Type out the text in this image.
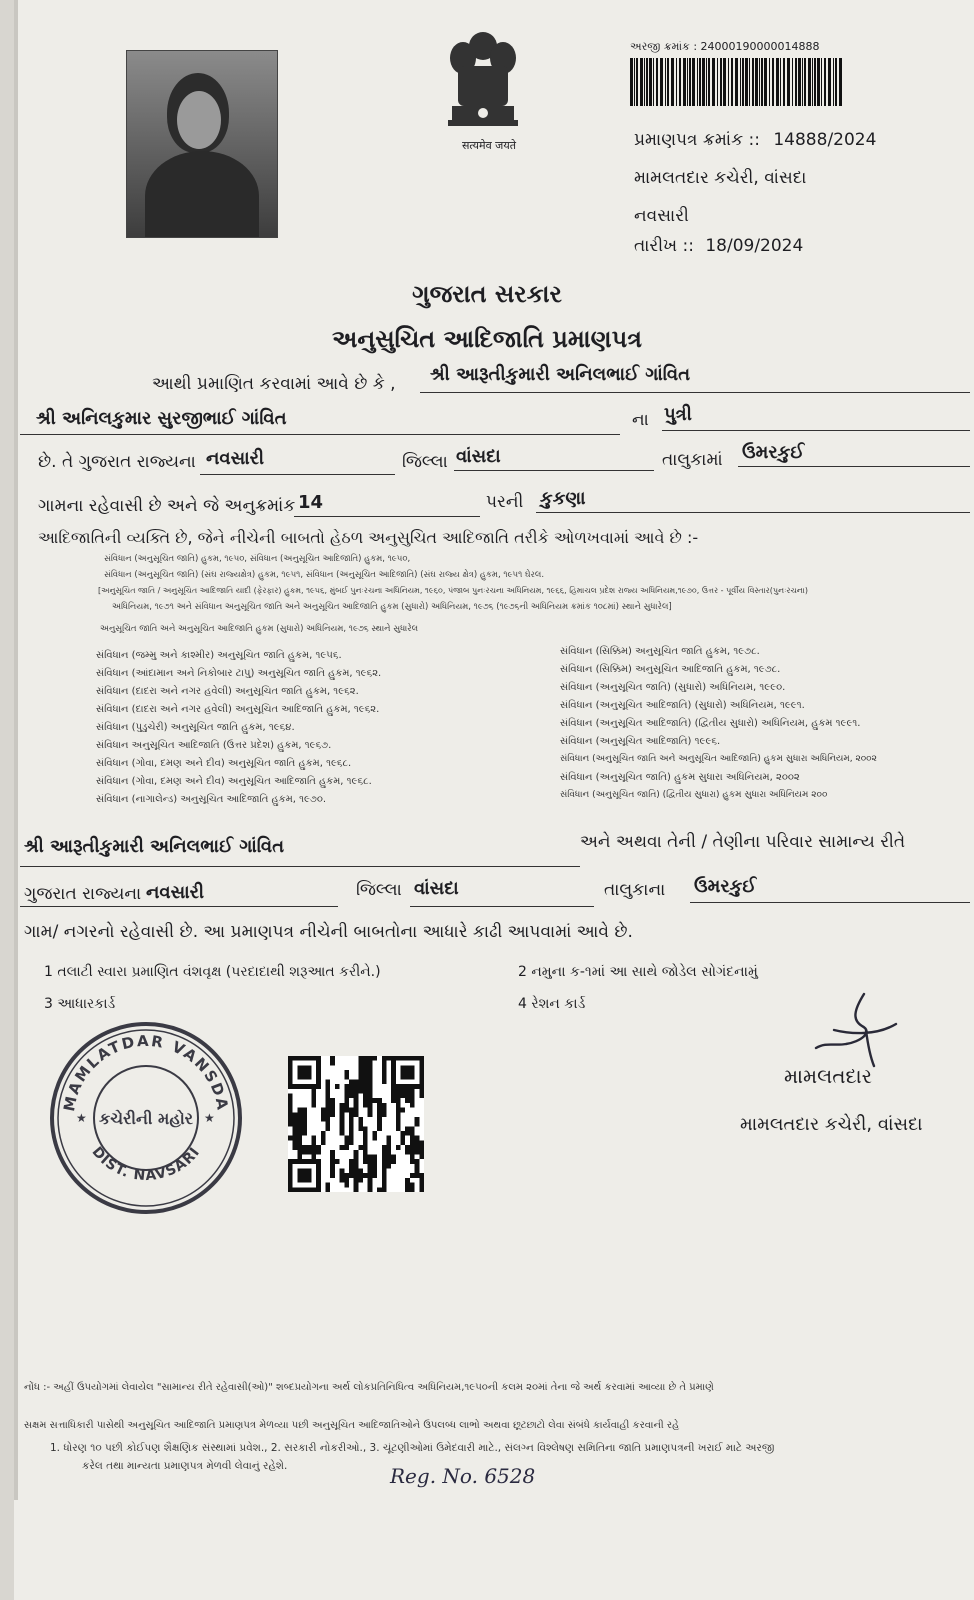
सत्यमेव जयते
અરજી ક્રમાંક : 24000190000014888
પ્રમાણપત્ર ક્રમાંક :: 14888/2024
મામલતદાર કચેરી, વાંસદા
નવસારી
તારીખ :: 18/09/2024
ગુજરાત સરકાર
અનુસુચિત આદિજાતિ પ્રમાણપત્ર
આથી પ્રમાણિત કરવામાં આવે છે કે , શ્રી આરૂતીકુમારી અનિલભાઈ ગાંવિત
શ્રી અનિલકુમાર સુરજીભાઈ ગાંવિત	ના પુત્રી
છે. તે ગુજરાત રાજ્યના નવસારી	જિલ્લા વાંસદા	તાલુકામાં ઉમરકુઈ
ગામના રહેવાસી છે અને જે અનુક્રમાંક 14	પરની કુકણા
આદિજાતિની વ્યક્તિ છે, જેને નીચેની બાબતો હેઠળ અનુસુચિત આદિજાતિ તરીકે ઓળખવામાં આવે છે :-
સંવિધાન (અનુસૂચિત જાતિ) હુકમ, ૧૯૫૦, સંવિધાન (અનુસૂચિત આદિજાતિ) હુકમ, ૧૯૫૦,
સંવિધાન (અનુસૂચિત જાતિ) (સંઘ રાજ્યક્ષેત્ર) હુકમ, ૧૯૫૧, સંવિધાન (અનુસૂચિત આદિજાતિ) (સંઘ રાજ્ય ક્ષેત્ર) હુકમ, ૧૯૫૧ ઘેરલ.
[અનુસૂચિત જાતિ / અનુસૂચિત આદિજાતિ યાદી (ફેરફાર) હુકમ, ૧૯૫૬, મુંબઈ પુનઃરચના અધિનિયમ, ૧૯૬૦, પંજાબ પુનઃરચના અધિનિયમ, ૧૯૬૬, હિમાચલ પ્રદેશ રાજ્ય અધિનિયમ,૧૯૭૦, ઉત્તર - પૂર્વીય વિસ્તાર(પુનઃરચના)
અધિનિયમ, ૧૯૭૧ અને સંવિધાન અનુસૂચિત જાતિ અને અનુસૂચિત આદિજાતિ હુકમ (સુધારો) અધિનિયમ, ૧૯૭૬ (૧૯૭૬ની અધિનિયમ ક્રમાંક ૧૦૮માં) સ્થાને સુધારેલ]
અનુસૂચિત જાતિ અને અનુસૂચિત આદિજાતિ હુકમ (સુધારો) અધિનિયમ, ૧૯૭૬ સ્થાને સુધારેલ
સંવિધાન (જમ્મુ અને કાશ્મીર) અનુસૂચિત જાતિ હુકમ, ૧૯૫૬.
સંવિધાન (આંદામાન અને નિકોબાર ટાપુ) અનુસૂચિત જાતિ હુકમ, ૧૯૬૨.
સંવિધાન (દાદરા અને નગર હવેલી) અનુસૂચિત જાતિ હુકમ, ૧૯૬૨.
સંવિધાન (દાદરા અને નગર હવેલી) અનુસૂચિત આદિજાતિ હુકમ, ૧૯૬૨.
સંવિધાન (પુડુચેરી) અનુસૂચિત જાતિ હુકમ, ૧૯૬૪.
સંવિધાન અનુસૂચિત આદિજાતિ (ઉત્તર પ્રદેશ) હુકમ, ૧૯૬૭.
સંવિધાન (ગોવા, દમણ અને દીવ) અનુસૂચિત જાતિ હુકમ, ૧૯૬૮.
સંવિધાન (ગોવા, દમણ અને દીવ) અનુસૂચિત આદિજાતિ હુકમ, ૧૯૬૮.
સંવિધાન (નાગાલેન્ડ) અનુસૂચિત આદિજાતિ હુકમ, ૧૯૭૦.
સંવિધાન (સિક્કિમ) અનુસૂચિત જાતિ હુકમ, ૧૯૭૮.
સંવિધાન (સિક્કિમ) અનુસૂચિત આદિજાતિ હુકમ, ૧૯૭૮.
સંવિધાન (અનુસૂચિત જાતિ) (સુધારો) અધિનિયમ, ૧૯૯૦.
સંવિધાન (અનુસૂચિત આદિજાતિ) (સુધારો) અધિનિયમ, ૧૯૯૧.
સંવિધાન (અનુસૂચિત આદિજાતિ) (દ્વિતીય સુધારો) અધિનિયમ, હુકમ ૧૯૯૧.
સંવિધાન (અનુસૂચિત આદિજાતિ) ૧૯૯૬.
સંવિધાન (અનુસૂચિત જાતિ અને અનુસૂચિત આદિજાતિ) હુકમ સુધારા અધિનિયમ, ૨૦૦૨
સંવિધાન (અનુસૂચિત જાતિ) હુકમ સુધારા અધિનિયમ, ૨૦૦૨
સંવિધાન (અનુસૂચિત જાતિ) (દ્વિતીય સુધારા) હુકમ સુધારા અધિનિયમ ૨૦૦
શ્રી આરૂતીકુમારી અનિલભાઈ ગાંવિત	અને અથવા તેની / તેણીના પરિવાર સામાન્ય રીતે
ગુજરાત રાજ્યના નવસારી	જિલ્લા વાંસદા	તાલુકાના ઉમરકુઈ
ગામ/ નગરનો રહેવાસી છે. આ પ્રમાણપત્ર નીચેની બાબતોના આધારે કાઢી આપવામાં આવે છે.
1 તલાટી સ્વારા પ્રમાણિત વંશવૃક્ષ (પરદાદાથી શરૂઆત કરીને.)	2 નમુના ક-૧માં આ સાથે જોડેલ સોગંદનામું
3 આધારકાર્ડ	4 રેશન કાર્ડ
MAMLATDAR VANSDA
DIST. NAVSARI
કચેરીની મહોર
★	★
મામલતદાર
મામલતદાર કચેરી, વાંસદા
નોંધ :- અહીં ઉપયોગમાં લેવાયેલ "સામાન્ય રીતે રહેવાસી(ઓ)" શબ્દપ્રયોગના અર્થ લોકપ્રતિનિધિત્વ અધિનિયમ,૧૯૫૦ની કલમ ૨૦માં તેના જે અર્થ કરવામાં આવ્યા છે તે પ્રમાણે
સક્ષમ સત્તાધિકારી પાસેથી અનુસૂચિત આદિજાતિ પ્રમાણપત્ર મેળવ્યા પછી અનુસૂચિત આદિજાતિઓને ઉપલબ્ધ લાભો અથવા છૂટછાટો લેવા સંબંધે કાર્યવાહી કરવાની રહે
1. ધોરણ ૧૦ પછી કોઈપણ શૈક્ષણિક સંસ્થામાં પ્રવેશ., 2. સરકારી નોકરીઓ., 3. ચૂંટણીઓમાં ઉમેદવારી માટે., સંલગ્ન વિશ્લેષણ સમિતિના જાતિ પ્રમાણપત્રની ખરાઈ માટે અરજી
કરેલ તથા માન્યતા પ્રમાણપત્ર મેળવી લેવાનું રહેશે.	Reg. No. 6528
